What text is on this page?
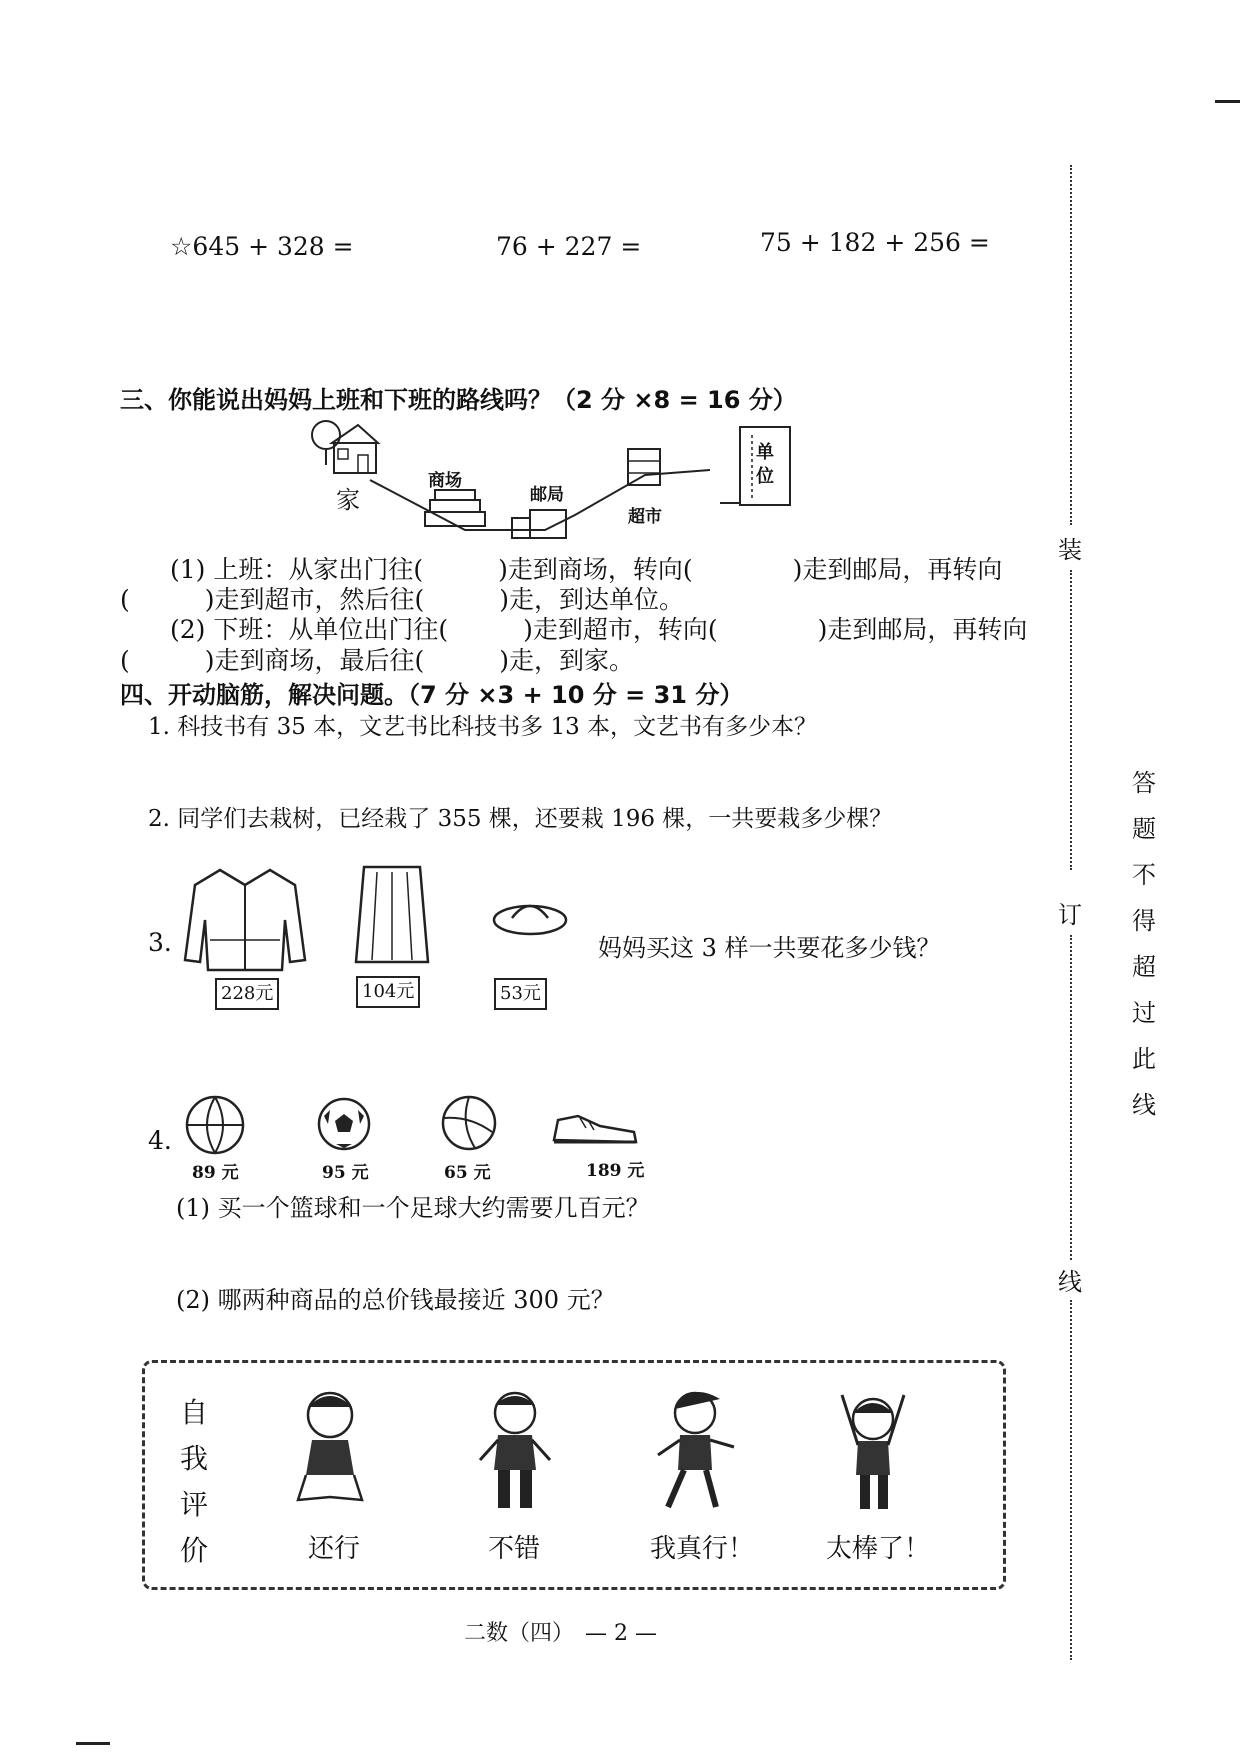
☆645 + 328 =	76 + 227 =	75 + 182 + 256 =
三、你能说出妈妈上班和下班的路线吗？（2 分 ×8 = 16 分）
家
商场
邮局
超市
单
位
(1) 上班：从家出门往(　　　)走到商场，转向(　　　　)走到邮局，再转向
(　　　)走到超市，然后往(　　　)走，到达单位。
(2) 下班：从单位出门往(　　　)走到超市，转向(　　　　)走到邮局，再转向
(　　　)走到商场，最后往(　　　)走，到家。
四、开动脑筋，解决问题。（7 分 ×3 + 10 分 = 31 分）
1. 科技书有 35 本，文艺书比科技书多 13 本，文艺书有多少本？
2. 同学们去栽树，已经栽了 355 棵，还要栽 196 棵，一共要栽多少棵？
3.
228元	104元	53元
妈妈买这 3 样一共要花多少钱？
4.
89 元	95 元	65 元	189 元
(1) 买一个篮球和一个足球大约需要几百元？
(2) 哪两种商品的总价钱最接近 300 元？
自
我
评
价	还行	不错	我真行！	太棒了！
二数（四）　— 2 —
装
订
线
答
题
不
得
超
过
此
线
